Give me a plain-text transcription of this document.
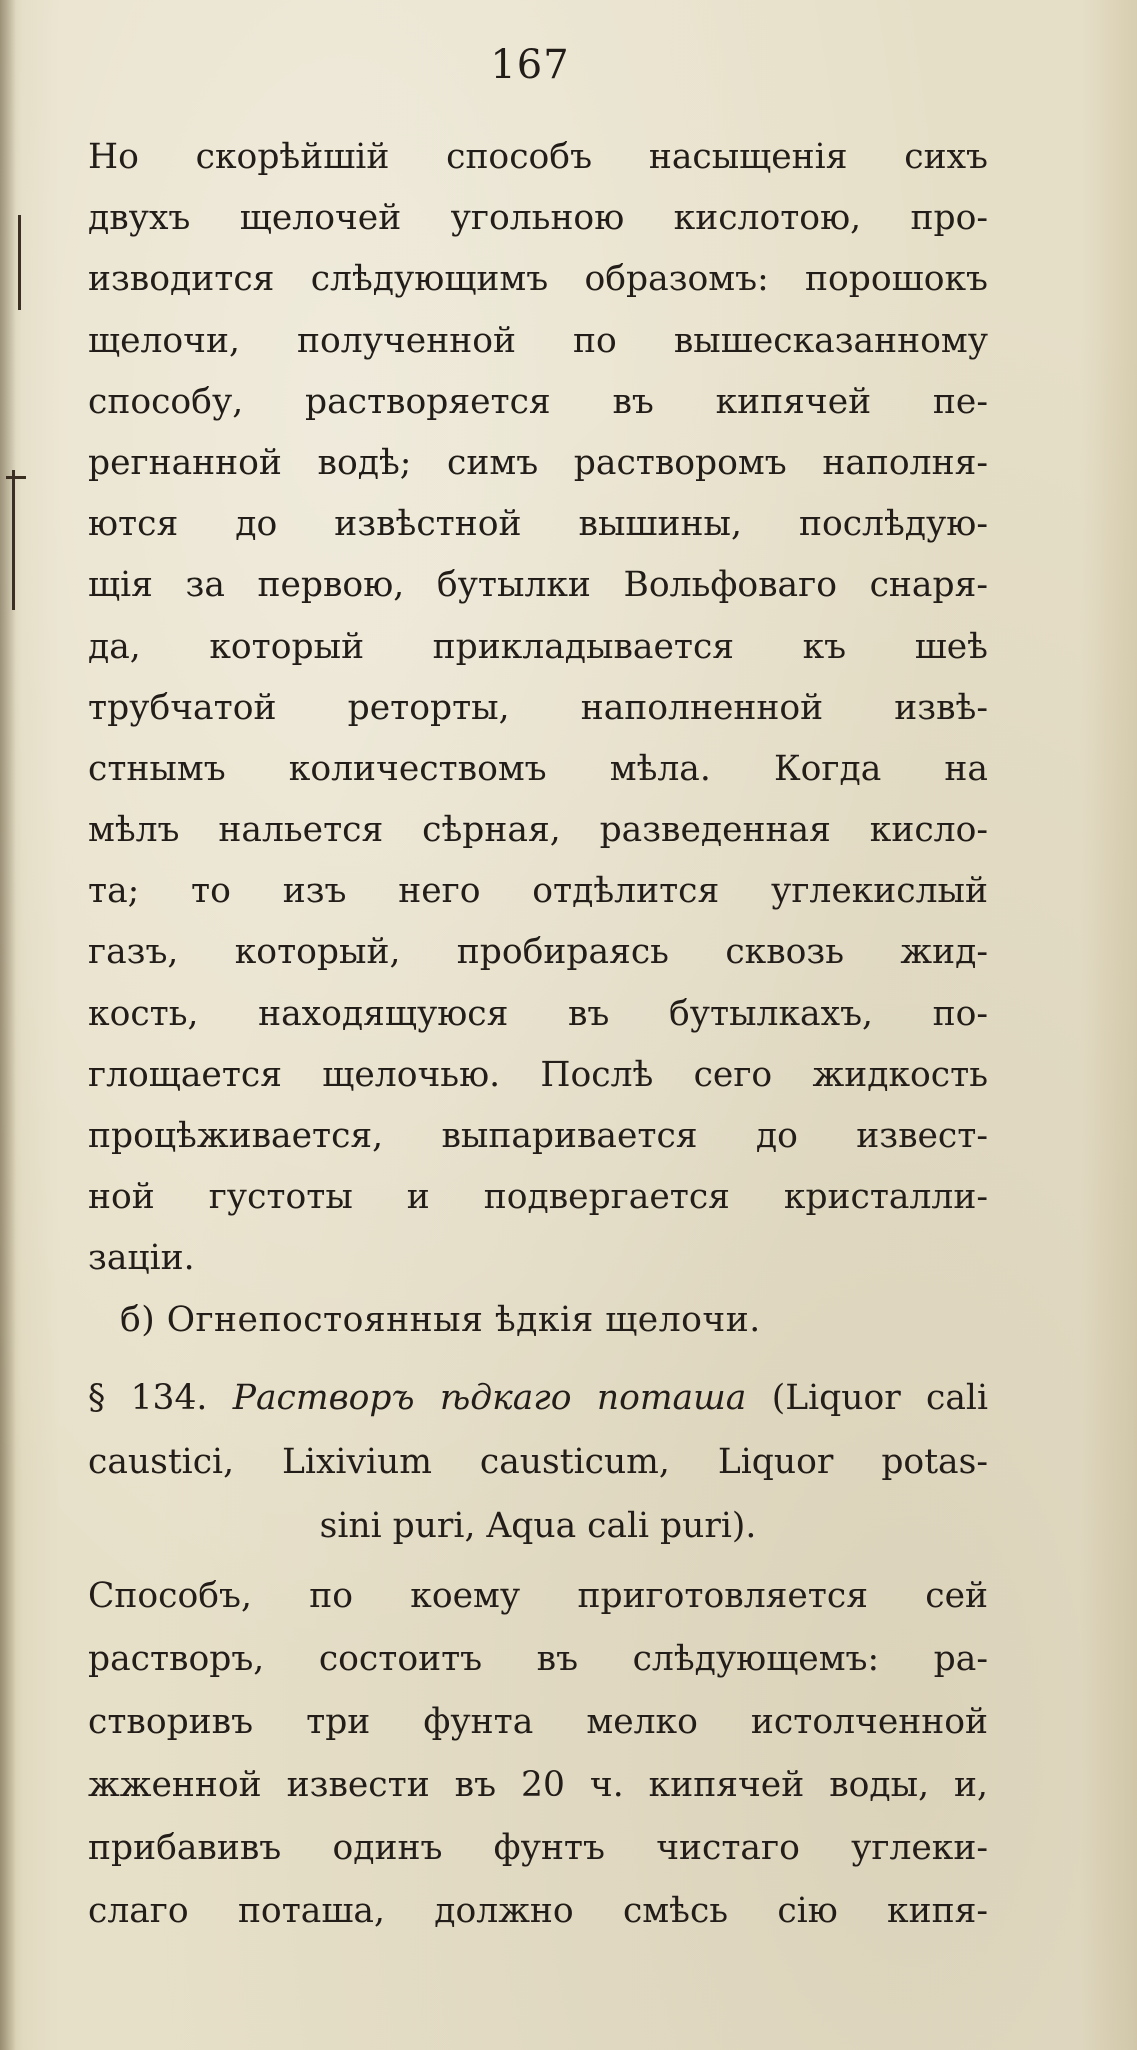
167
Но скорѣйшій способъ насыщенія сихъ
двухъ щелочей угольною кислотою, про-
изводится слѣдующимъ образомъ: порошокъ
щелочи, полученной по вышесказанному
способу, растворяется въ кипячей пе-
регнанной водѣ; симъ растворомъ наполня-
ются до извѣстной вышины, послѣдую-
щія за первою, бутылки Вольфоваго снаря-
да, который прикладывается къ шеѣ
трубчатой реторты, наполненной извѣ-
стнымъ количествомъ мѣла. Когда на
мѣлъ нальется сѣрная, разведенная кисло-
та; то изъ него отдѣлится углекислый
газъ, который, пробираясь сквозь жид-
кость, находящуюся въ бутылкахъ, по-
глощается щелочью. Послѣ сего жидкость
процѣживается, выпаривается до извест-
ной густоты и подвергается кристалли-
заціи.
б) Огнепостоянныя ѣдкія щелочи.
§ 134. Растворъ ѣдкаго поташа (Liquor cali
caustici, Lixivium causticum, Liquor potas-
sini puri, Aqua cali puri).
Способъ, по коему приготовляется сей
растворъ, состоитъ въ слѣдующемъ: ра-
створивъ три фунта мелко истолченной
жженной извести въ 20 ч. кипячей воды, и,
прибавивъ одинъ фунтъ чистаго углеки-
слаго поташа, должно смѣсь сію кипя-
